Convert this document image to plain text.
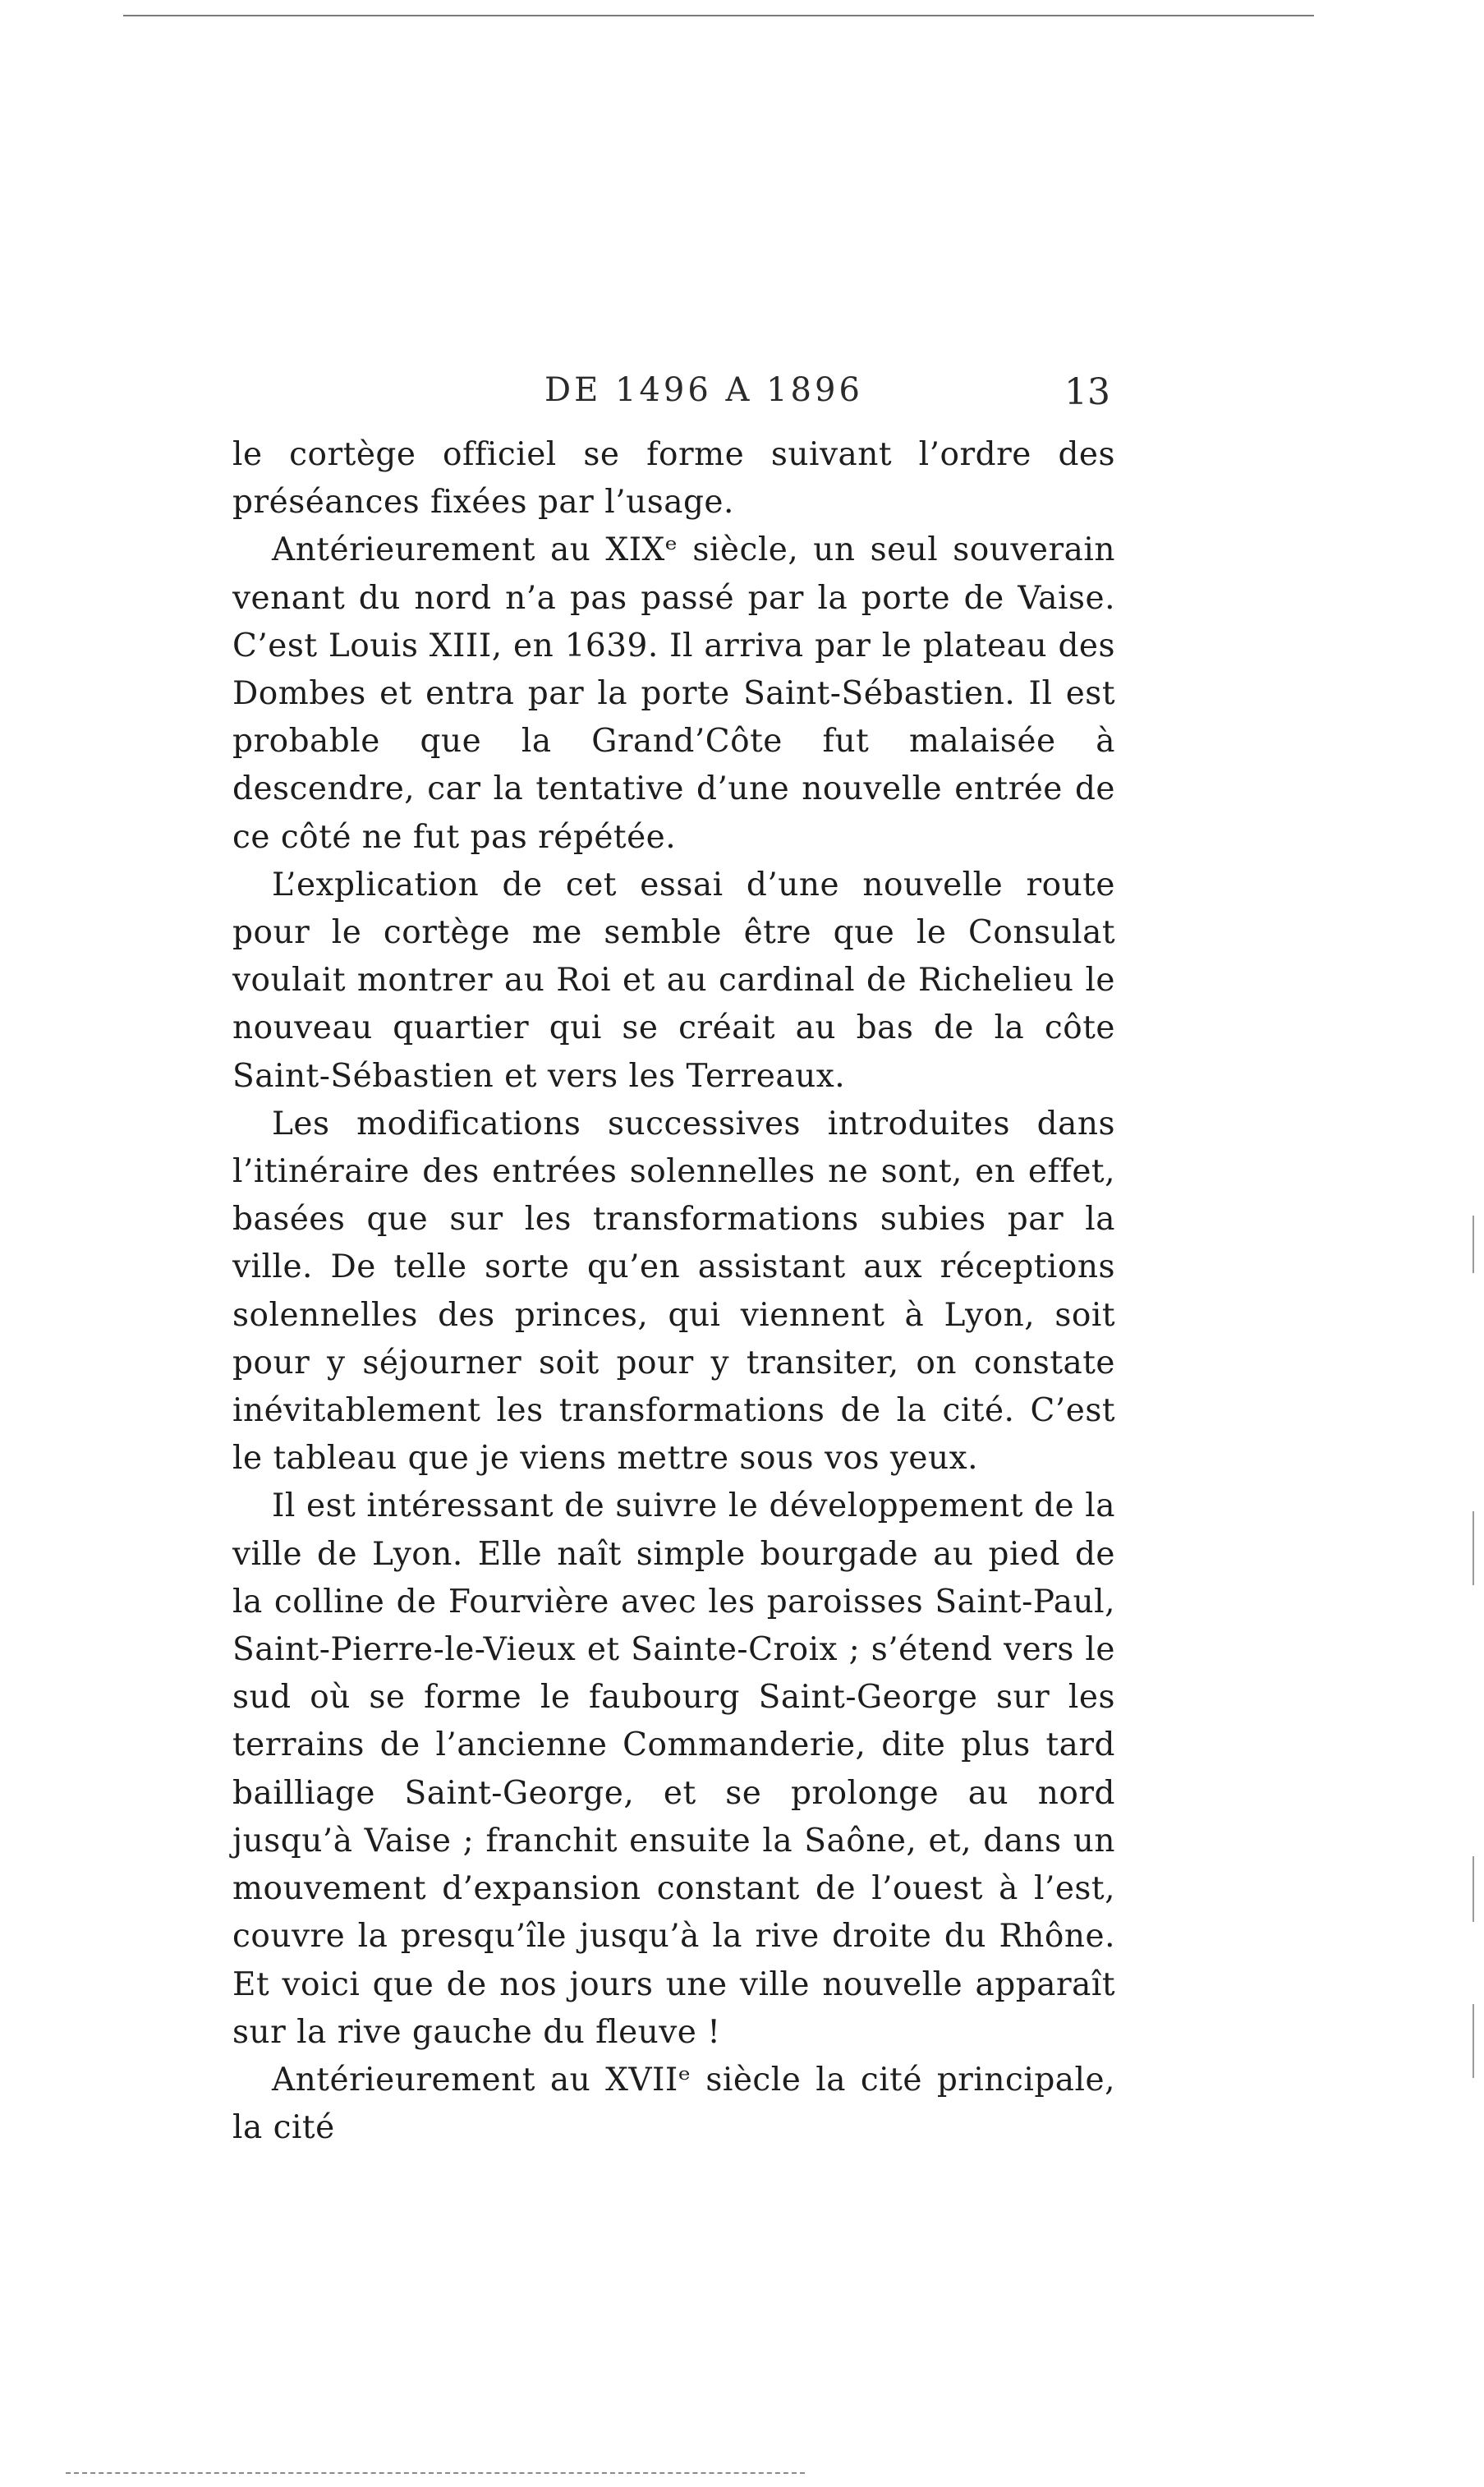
DE 1496 A 1896	13

le cortège officiel se forme suivant l’ordre des préséances fixées par l’usage.

Antérieurement au XIXᵉ siècle, un seul souverain venant du nord n’a pas passé par la porte de Vaise. C’est Louis XIII, en 1639. Il arriva par le plateau des Dombes et entra par la porte Saint-Sébastien. Il est probable que la Grand’Côte fut malaisée à descendre, car la tentative d’une nouvelle entrée de ce côté ne fut pas répétée.

L’explication de cet essai d’une nouvelle route pour le cortège me semble être que le Consulat voulait montrer au Roi et au cardinal de Richelieu le nouveau quartier qui se créait au bas de la côte Saint-Sébastien et vers les Terreaux.

Les modifications successives introduites dans l’itinéraire des entrées solennelles ne sont, en effet, basées que sur les transformations subies par la ville. De telle sorte qu’en assistant aux réceptions solennelles des princes, qui viennent à Lyon, soit pour y séjourner soit pour y transiter, on constate inévitablement les transformations de la cité. C’est le tableau que je viens mettre sous vos yeux.

Il est intéressant de suivre le développement de la ville de Lyon. Elle naît simple bourgade au pied de la colline de Fourvière avec les paroisses Saint-Paul, Saint-Pierre-le-Vieux et Sainte-Croix ; s’étend vers le sud où se forme le faubourg Saint-George sur les terrains de l’ancienne Commanderie, dite plus tard bailliage Saint-George, et se prolonge au nord jusqu’à Vaise ; franchit ensuite la Saône, et, dans un mouvement d’expansion constant de l’ouest à l’est, couvre la presqu’île jusqu’à la rive droite du Rhône. Et voici que de nos jours une ville nouvelle apparaît sur la rive gauche du fleuve !

Antérieurement au XVIIᵉ siècle la cité principale, la cité
